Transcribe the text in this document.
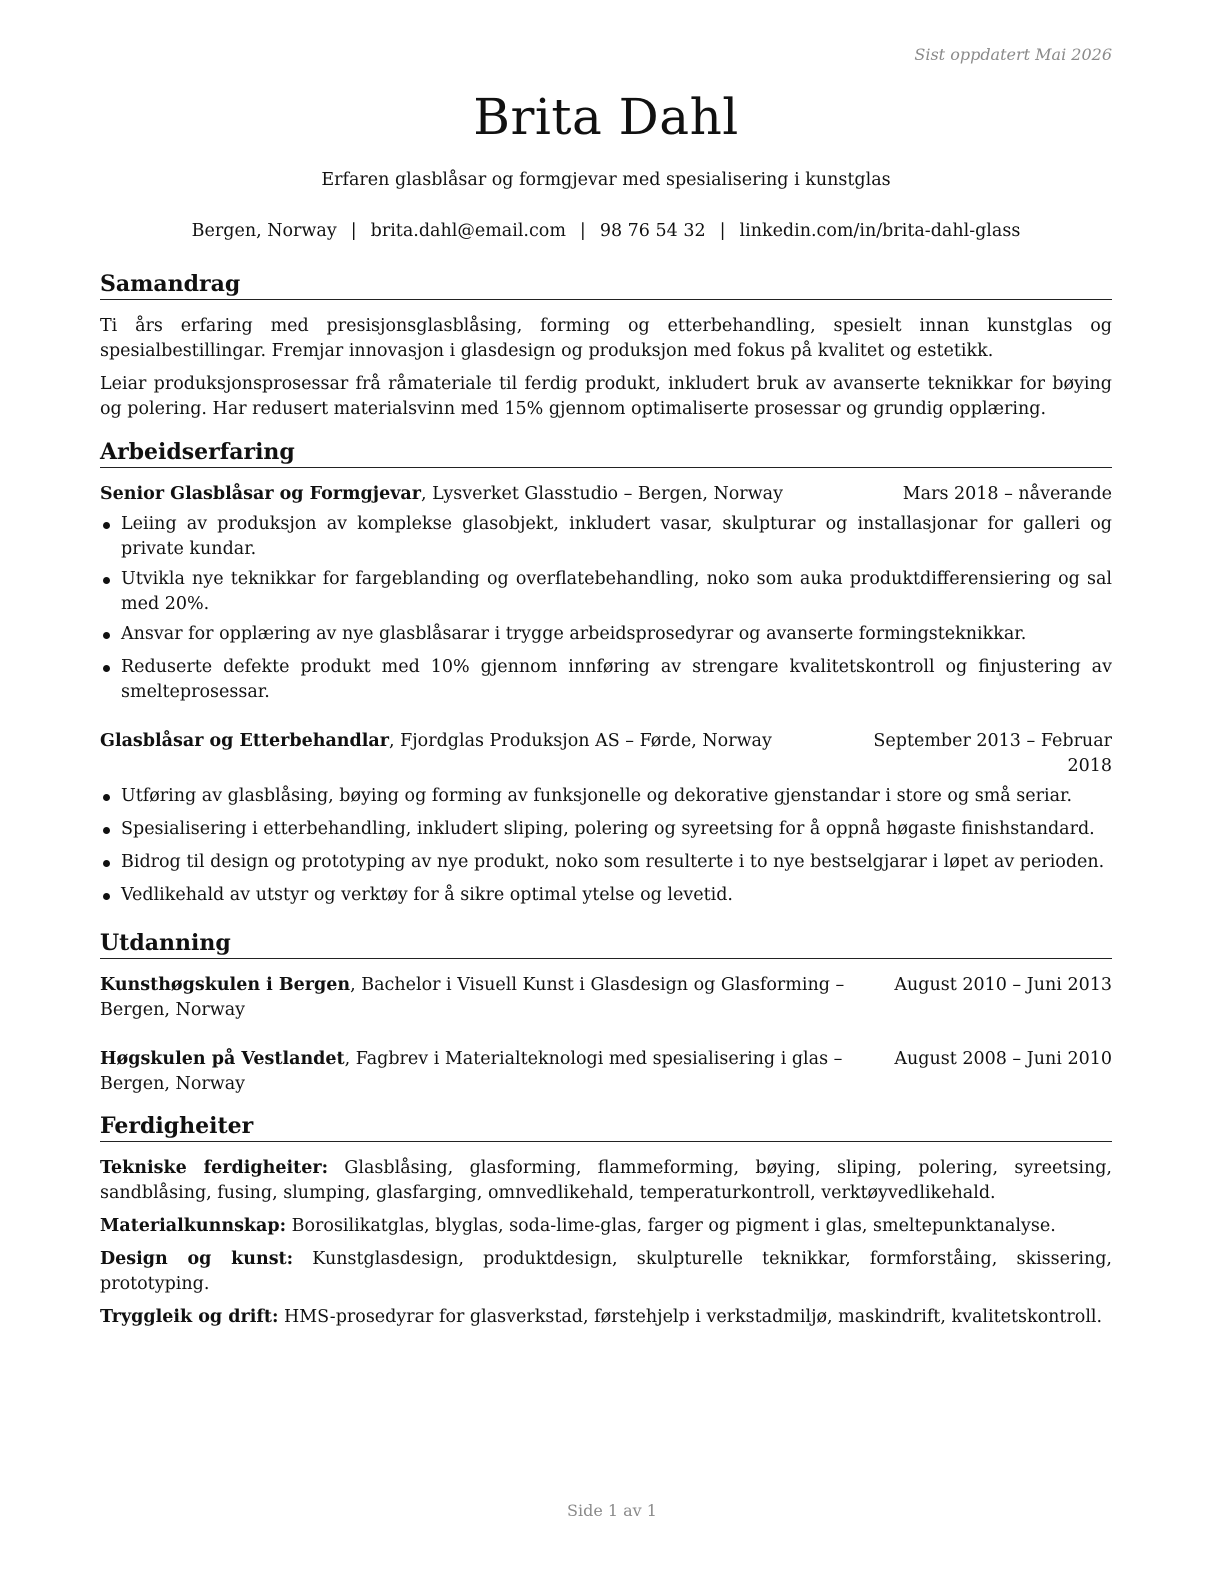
Sist oppdatert Mai 2026
Brita Dahl
Erfaren glasblåsar og formgjevar med spesialisering i kunstglas
Bergen, Norway | brita.dahl@email.com | 98 76 54 32 | linkedin.com/in/brita-dahl-glass
Samandrag

Ti års erfaring med presisjonsglasblåsing, forming og etterbehandling, spesielt innan kunstglas og spesialbestillingar. Fremjar innovasjon i glasdesign og produksjon med fokus på kvalitet og estetikk.

Leiar produksjonsprosessar frå råmateriale til ferdig produkt, inkludert bruk av avanserte teknikkar for bøying og polering. Har redusert materialsvinn med 15% gjennom optimaliserte prosessar og grundig opplæring.

Arbeidserfaring
Senior Glasblåsar og Formgjevar, Lysverket Glasstudio – Bergen, Norway	Mars 2018 – nåverande
Leiing av produksjon av komplekse glasobjekt, inkludert vasar, skulpturar og installasjonar for galleri og private kundar.
Utvikla nye teknikkar for fargeblanding og overflatebehandling, noko som auka produktdifferensiering og sal med 20%.
Ansvar for opplæring av nye glasblåsarar i trygge arbeidsprosedyrar og avanserte formingsteknikkar.
Reduserte defekte produkt med 10% gjennom innføring av strengare kvalitetskontroll og finjustering av smelteprosessar.
Glasblåsar og Etterbehandlar, Fjordglas Produksjon AS – Førde, Norway	September 2013 – Februar 2018
Utføring av glasblåsing, bøying og forming av funksjonelle og dekorative gjenstandar i store og små seriar.
Spesialisering i etterbehandling, inkludert sliping, polering og syreetsing for å oppnå høgaste finishstandard.
Bidrog til design og prototyping av nye produkt, noko som resulterte i to nye bestselgjarar i løpet av perioden.
Vedlikehald av utstyr og verktøy for å sikre optimal ytelse og levetid.
Utdanning
Kunsthøgskulen i Bergen, Bachelor i Visuell Kunst i Glasdesign og Glasforming – Bergen, Norway
August 2010 – Juni 2013
Høgskulen på Vestlandet, Fagbrev i Materialteknologi med spesialisering i glas – Bergen, Norway
August 2008 – Juni 2010
Ferdigheiter
Tekniske ferdigheiter: Glasblåsing, glasforming, flammeforming, bøying, sliping, polering, syreetsing, sandblåsing, fusing, slumping, glasfarging, omnvedlikehald, temperaturkontroll, verktøyvedlikehald.
Materialkunnskap: Borosilikatglas, blyglas, soda-lime-glas, farger og pigment i glas, smeltepunktanalyse.
Design og kunst: Kunstglasdesign, produktdesign, skulpturelle teknikkar, formforståing, skissering, prototyping.
Tryggleik og drift: HMS-prosedyrar for glasverkstad, førstehjelp i verkstadmiljø, maskindrift, kvalitetskontroll.
Side 1 av 1
